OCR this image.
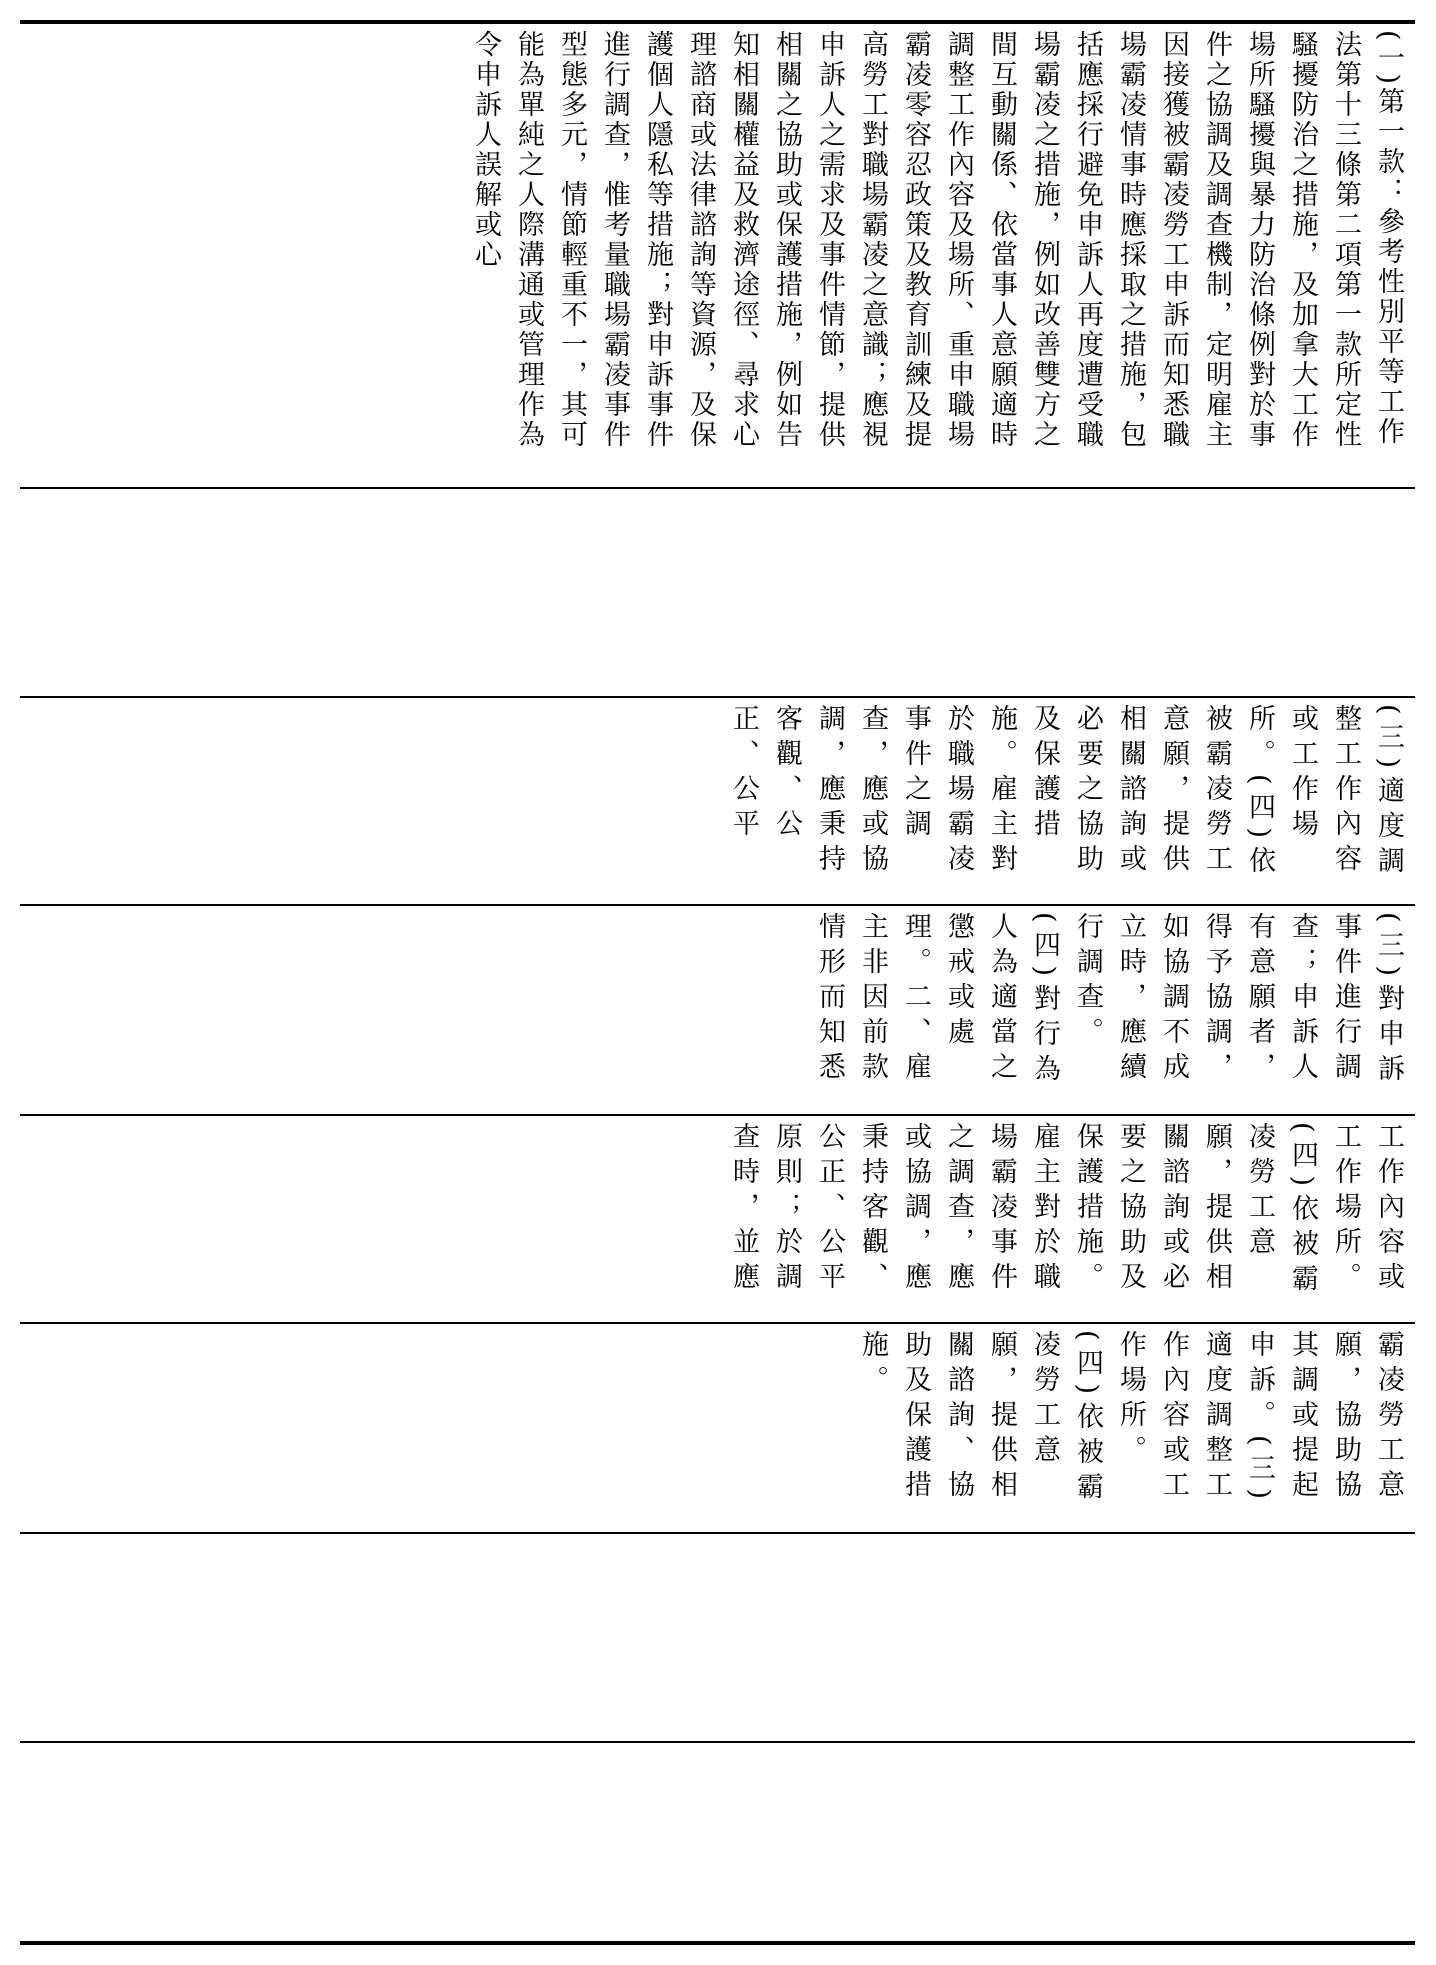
(一)第一款：參考性別平等工作法第十三條第二項第一款所定性騷擾防治之措施，及加拿大工作場所騷擾與暴力防治條例對於事件之協調及調查機制，定明雇主因接獲被霸凌勞工申訴而知悉職場霸凌情事時應採取之措施，包括應採行避免申訴人再度遭受職場霸凌之措施，例如改善雙方之間互動關係、依當事人意願適時調整工作內容及場所、重申職場霸凌零容忍政策及教育訓練及提高勞工對職場霸凌之意識；應視申訴人之需求及事件情節，提供相關之協助或保護措施，例如告知相關權益及救濟途徑、尋求心理諮商或法律諮詢等資源，及保護個人隱私等措施；對申訴事件進行調查，惟考量職場霸凌事件型態多元，情節輕重不一，其可能為單純之人際溝通或管理作為令申訴人誤解或心
(三)適度調整工作內容或工作場所。(四)依被霸凌勞工意願，提供相關諮詢或必要之協助及保護措施。雇主對於職場霸凌事件之調查，應或協調，應秉持客觀、公正、公平
(三)對申訴事件進行調查；申訴人有意願者，得予協調，如協調不成立時，應續行調查。(四)對行為人為適當之懲戒或處理。二、雇主非因前款情形而知悉
工作內容或工作場所。(四)依被霸凌勞工意願，提供相關諮詢或必要之協助及保護措施。雇主對於職場霸凌事件之調查，應或協調，應秉持客觀、公正、公平原則；於調查時，並應
霸凌勞工意願，協助協其調或提起申訴。(三)適度調整工作內容或工作場所。(四)依被霸凌勞工意願，提供相關諮詢、協助及保護措施。
